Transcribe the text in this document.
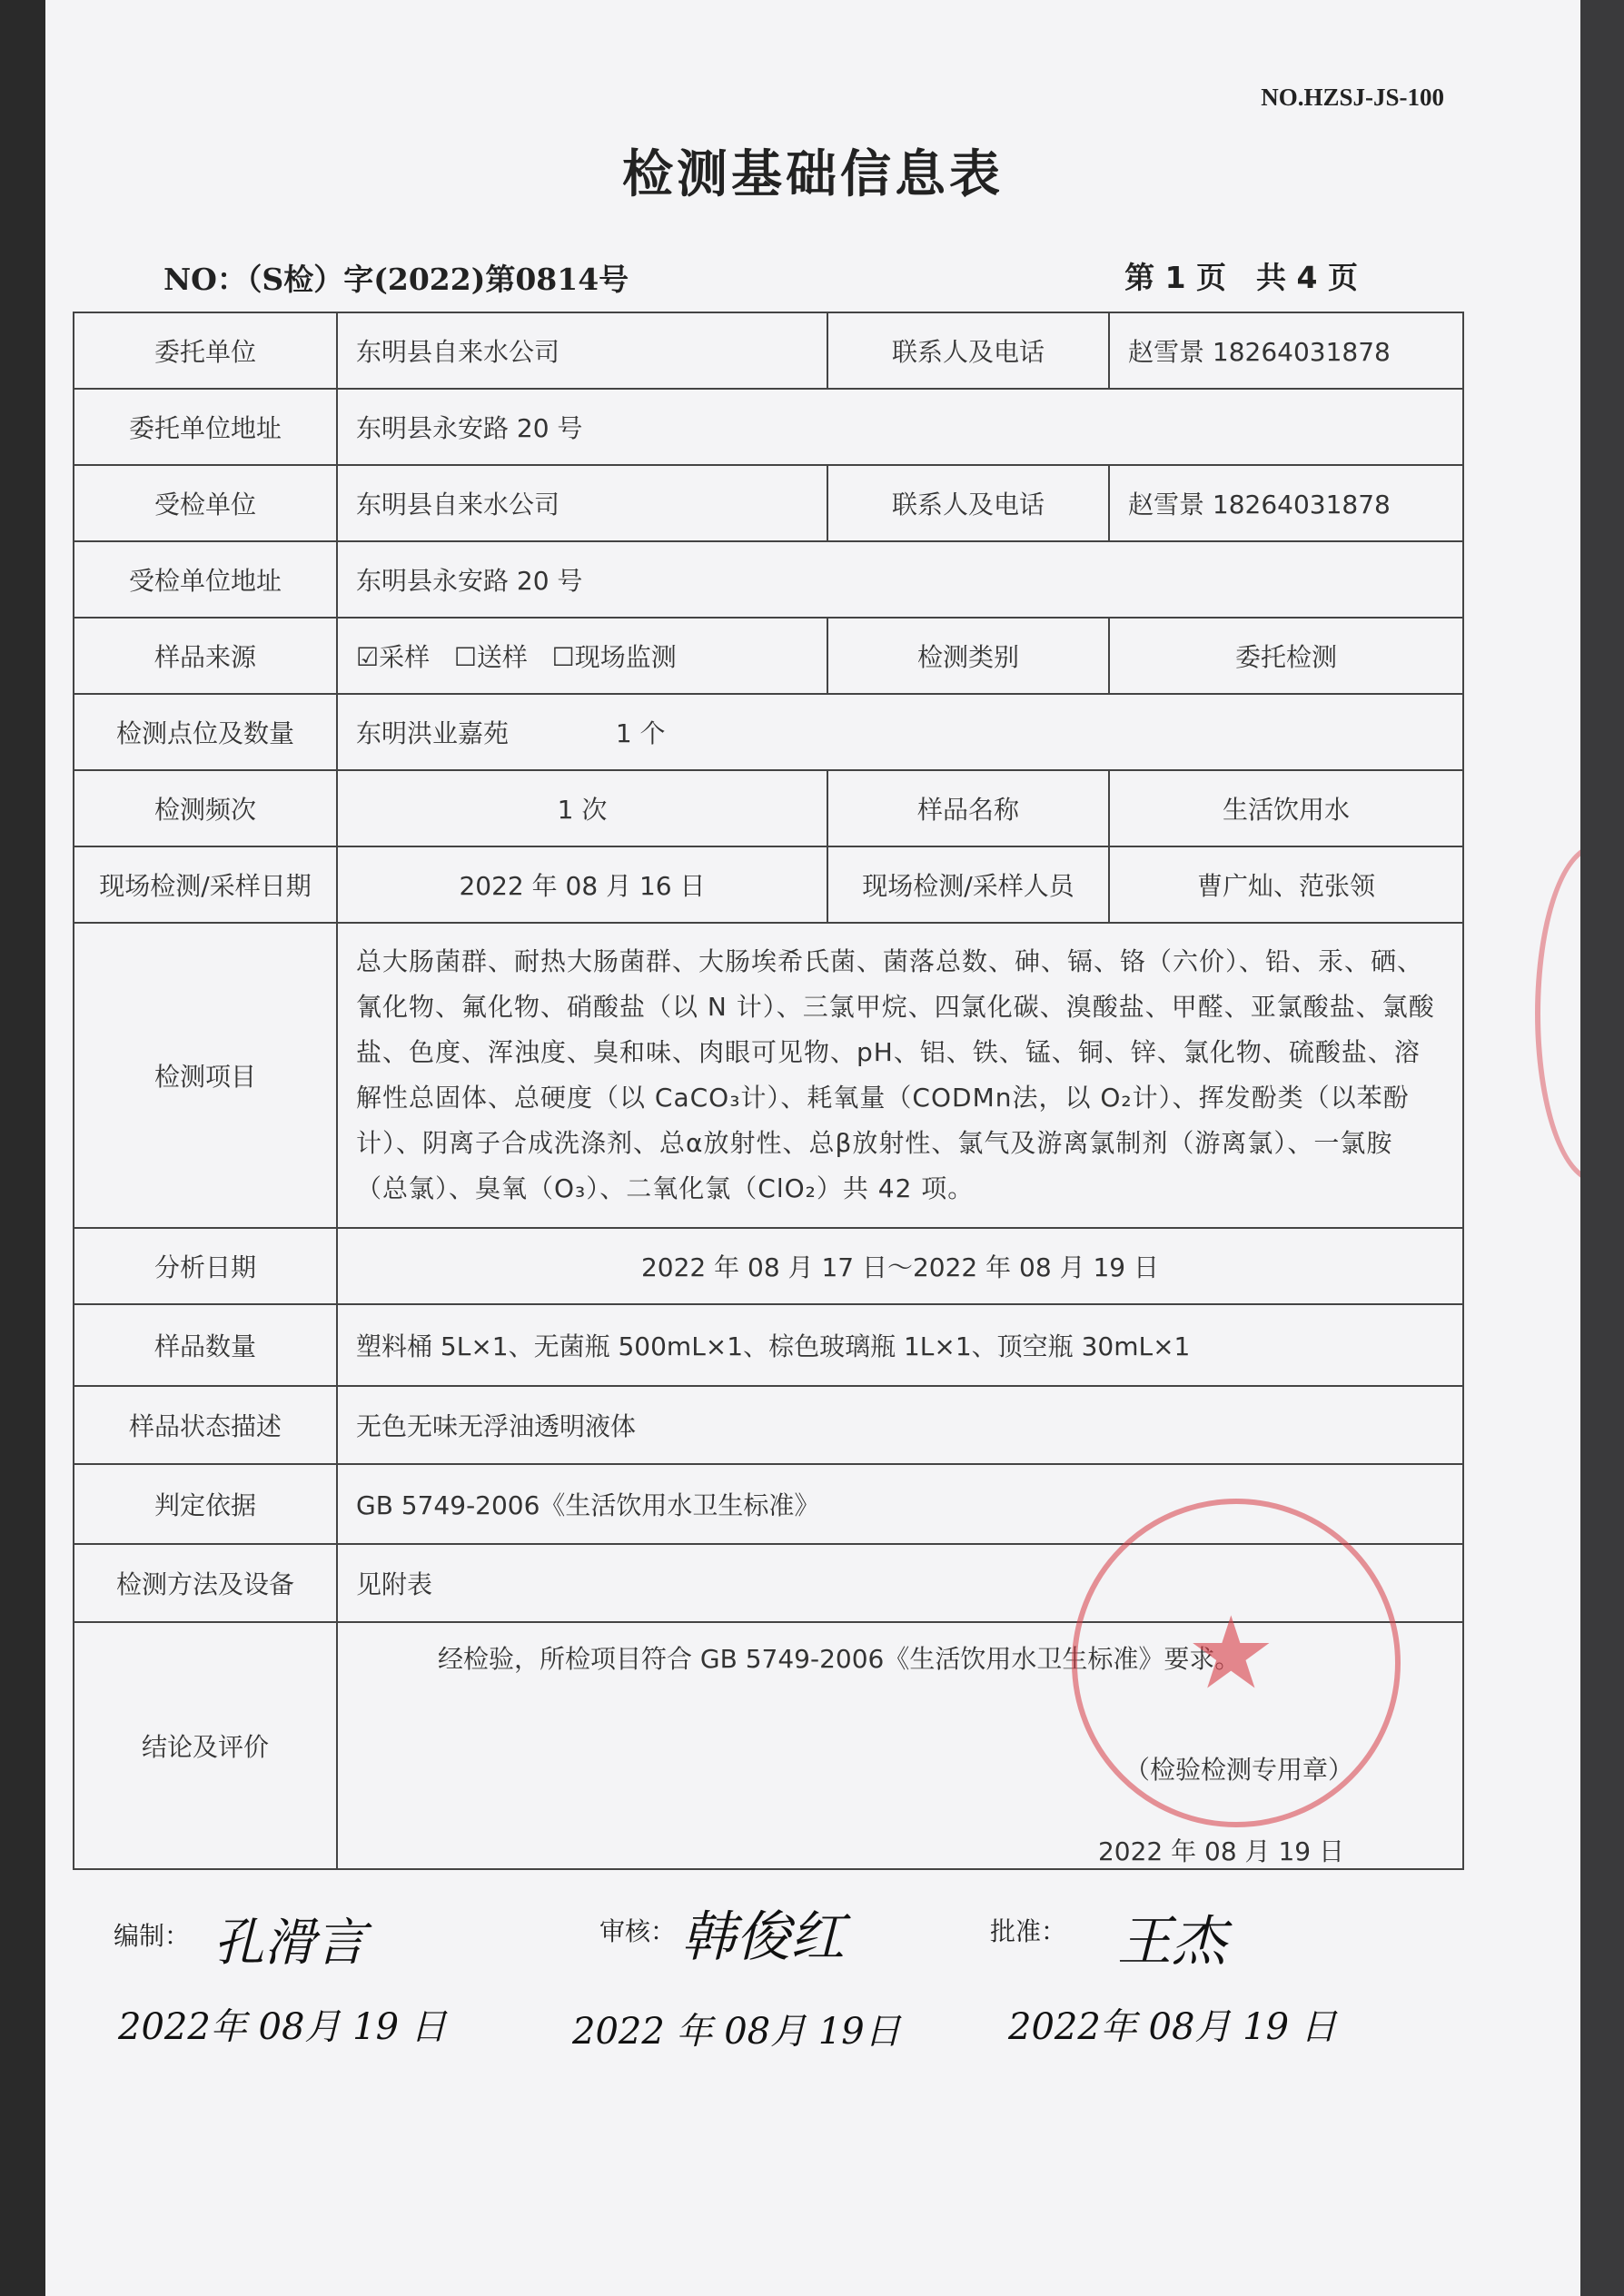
NO.HZSJ-JS-100
检测基础信息表
NO：（S检）字(2022)第0814号	第 1 页　共 4 页
委托单位	东明县自来水公司	联系人及电话	赵雪景 18264031878
委托单位地址	东明县永安路 20 号		
受检单位	东明县自来水公司	联系人及电话	赵雪景 18264031878
受检单位地址	东明县永安路 20 号		
样品来源	☑采样 ☐送样 ☐现场监测	检测类别	委托检测
检测点位及数量	东明洪业嘉苑 1 个		
检测频次	1 次	样品名称	生活饮用水
现场检测/采样日期	2022 年 08 月 16 日	现场检测/采样人员	曹广灿、范张领
检测项目	总大肠菌群、耐热大肠菌群、大肠埃希氏菌、菌落总数、砷、镉、铬（六价）、铅、汞、硒、氰化物、氟化物、硝酸盐（以 N 计）、三氯甲烷、四氯化碳、溴酸盐、甲醛、亚氯酸盐、氯酸盐、色度、浑浊度、臭和味、肉眼可见物、pH、铝、铁、锰、铜、锌、氯化物、硫酸盐、溶解性总固体、总硬度（以 CaCO₃计）、耗氧量（CODMn法，以 O₂计）、挥发酚类（以苯酚计）、阴离子合成洗涤剂、总α放射性、总β放射性、氯气及游离氯制剂（游离氯）、一氯胺（总氯）、臭氧（O₃）、二氧化氯（ClO₂）共 42 项。		
分析日期	2022 年 08 月 17 日～2022 年 08 月 19 日		
样品数量	塑料桶 5L×1、无菌瓶 500mL×1、棕色玻璃瓶 1L×1、顶空瓶 30mL×1		
样品状态描述	无色无味无浮油透明液体		
判定依据	GB 5749-2006《生活饮用水卫生标准》		
检测方法及设备	见附表		
结论及评价	经检验，所检项目符合 GB 5749-2006《生活饮用水卫生标准》要求。
（检验检测专用章）
2022 年 08 月 19 日		
★
编制： 孔滑言
2022年 08月 19 日
审核： 韩俊红
2022 年 08月 19日
批准： 王杰
2022年 08月 19 日
